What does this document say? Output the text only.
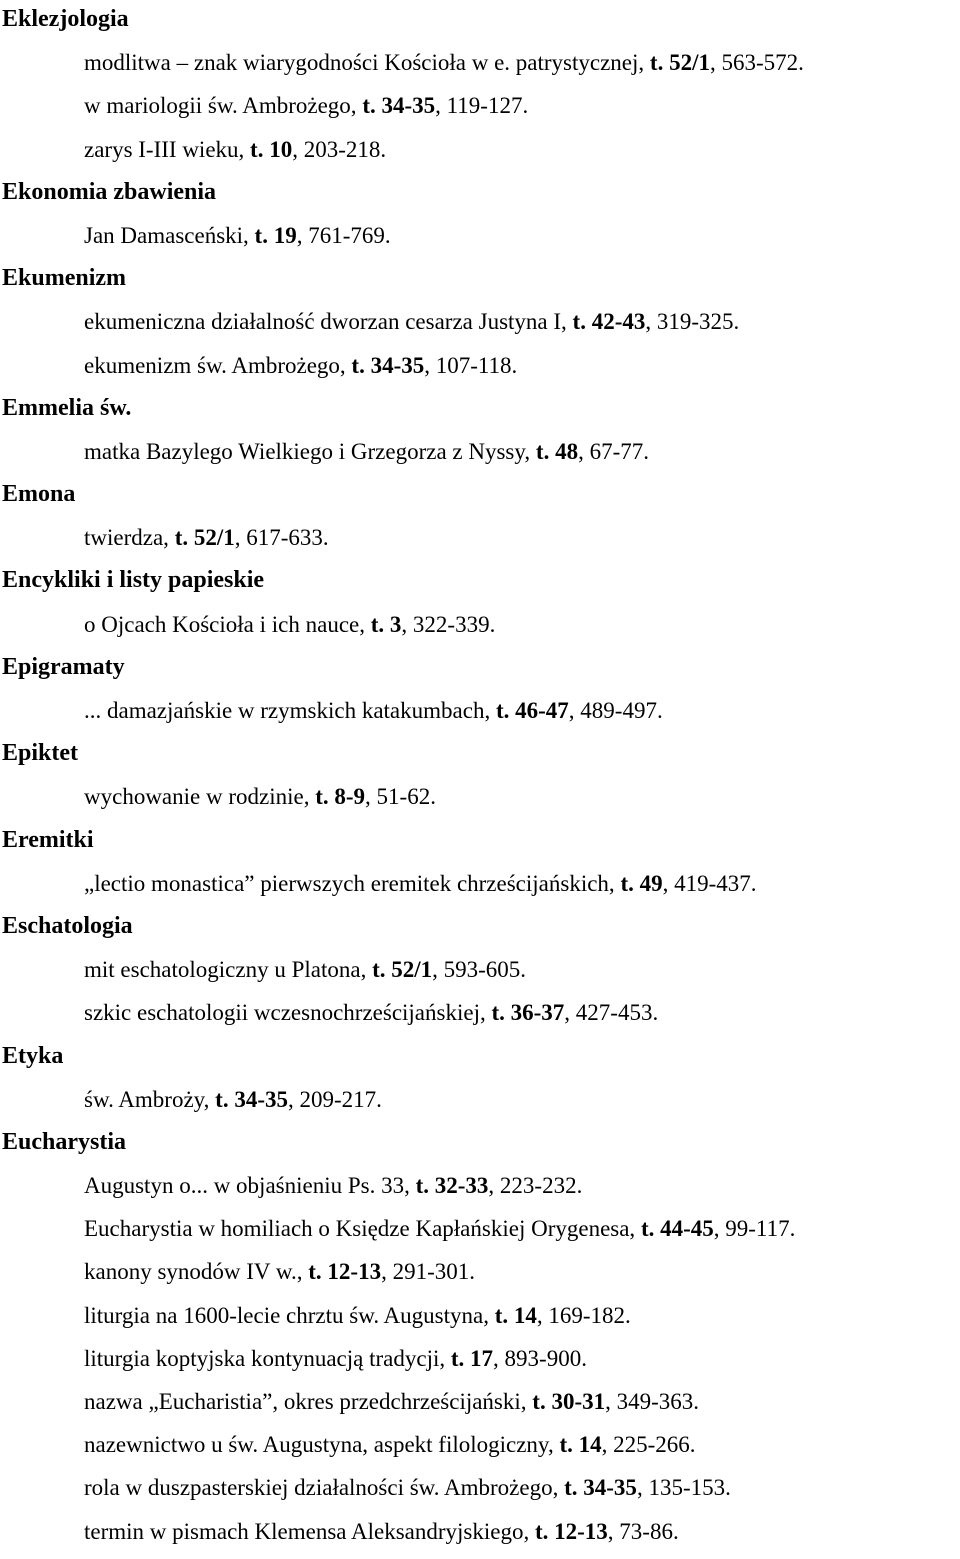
Eklezjologia
modlitwa – znak wiarygodności Kościoła w e. patrystycznej, t. 52/1, 563-572.
w mariologii św. Ambrożego, t. 34-35, 119-127.
zarys I-III wieku, t. 10, 203-218.
Ekonomia zbawienia
Jan Damasceński, t. 19, 761-769.
Ekumenizm
ekumeniczna działalność dworzan cesarza Justyna I, t. 42-43, 319-325.
ekumenizm św. Ambrożego, t. 34-35, 107-118.
Emmelia św.
matka Bazylego Wielkiego i Grzegorza z Nyssy, t. 48, 67-77.
Emona
twierdza, t. 52/1, 617-633.
Encykliki i listy papieskie
o Ojcach Kościoła i ich nauce, t. 3, 322-339.
Epigramaty
... damazjańskie w rzymskich katakumbach, t. 46-47, 489-497.
Epiktet
wychowanie w rodzinie, t. 8-9, 51-62.
Eremitki
„lectio monastica” pierwszych eremitek chrześcijańskich, t. 49, 419-437.
Eschatologia
mit eschatologiczny u Platona, t. 52/1, 593-605.
szkic eschatologii wczesnochrześcijańskiej, t. 36-37, 427-453.
Etyka
św. Ambroży, t. 34-35, 209-217.
Eucharystia
Augustyn o... w objaśnieniu Ps. 33, t. 32-33, 223-232.
Eucharystia w homiliach o Księdze Kapłańskiej Orygenesa, t. 44-45, 99-117.
kanony synodów IV w., t. 12-13, 291-301.
liturgia na 1600-lecie chrztu św. Augustyna, t. 14, 169-182.
liturgia koptyjska kontynuacją tradycji, t. 17, 893-900.
nazwa „Eucharistia”, okres przedchrześcijański, t. 30-31, 349-363.
nazewnictwo u św. Augustyna, aspekt filologiczny, t. 14, 225-266.
rola w duszpasterskiej działalności św. Ambrożego, t. 34-35, 135-153.
termin w pismach Klemensa Aleksandryjskiego, t. 12-13, 73-86.
